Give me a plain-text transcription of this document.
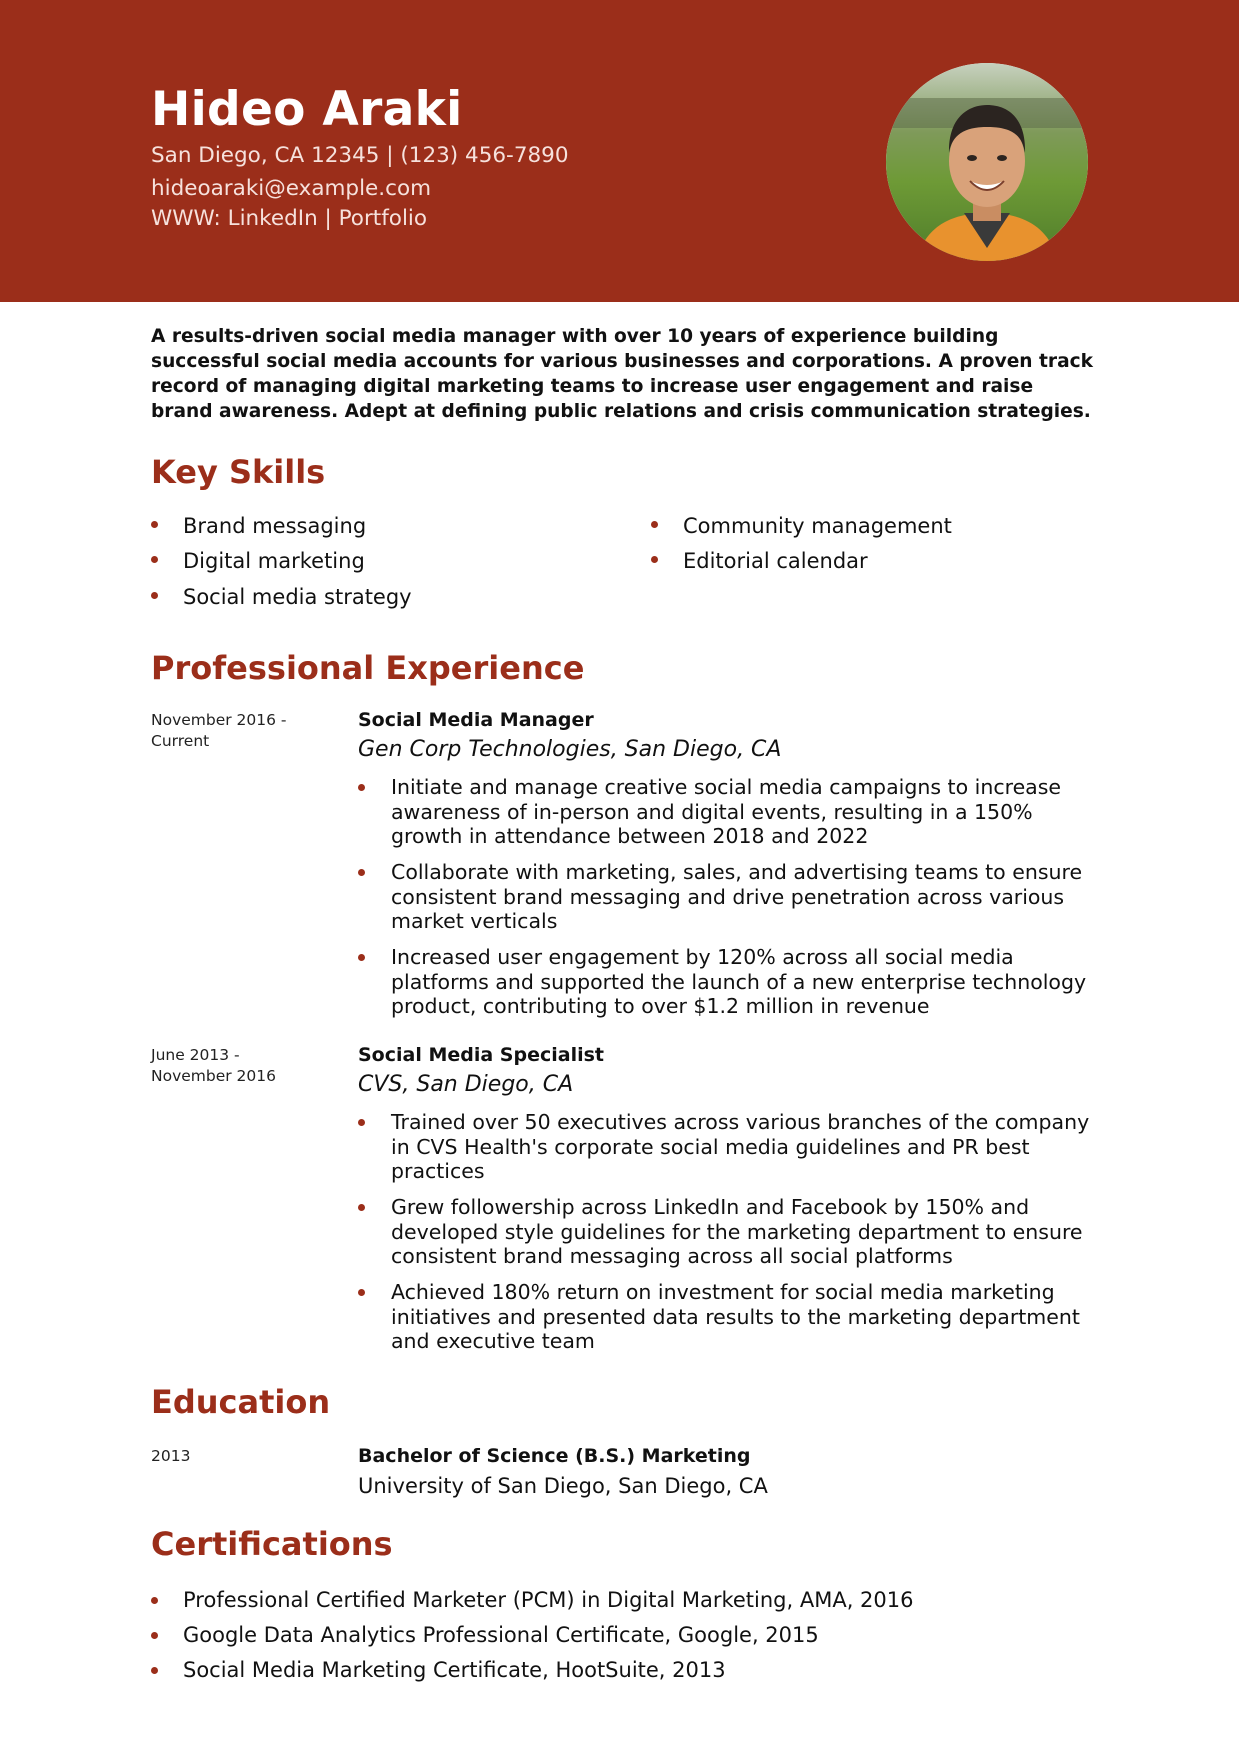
Hideo Araki

San Diego, CA 12345 | (123) 456-7890

hideoaraki@example.com

WWW: LinkedIn | Portfolio

A results-driven social media manager with over 10 years of experience building successful social media accounts for various businesses and corporations. A proven track record of managing digital marketing teams to increase user engagement and raise brand awareness. Adept at defining public relations and crisis communication strategies.

Key Skills
Brand messaging
Digital marketing
Social media strategy
Community management
Editorial calendar
Professional Experience
November 2016 -
Current
Social Media Manager
Gen Corp Technologies, San Diego, CA
Initiate and manage creative social media campaigns to increase awareness of in-person and digital events, resulting in a 150% growth in attendance between 2018 and 2022
Collaborate with marketing, sales, and advertising teams to ensure consistent brand messaging and drive penetration across various market verticals
Increased user engagement by 120% across all social media platforms and supported the launch of a new enterprise technology product, contributing to over $1.2 million in revenue
June 2013 -
November 2016
Social Media Specialist
CVS, San Diego, CA
Trained over 50 executives across various branches of the company in CVS Health's corporate social media guidelines and PR best practices
Grew followership across LinkedIn and Facebook by 150% and developed style guidelines for the marketing department to ensure consistent brand messaging across all social platforms
Achieved 180% return on investment for social media marketing initiatives and presented data results to the marketing department and executive team
Education
2013	Bachelor of Science (B.S.) Marketing
University of San Diego, San Diego, CA
Certifications
Professional Certified Marketer (PCM) in Digital Marketing, AMA, 2016
Google Data Analytics Professional Certificate, Google, 2015
Social Media Marketing Certificate, HootSuite, 2013
